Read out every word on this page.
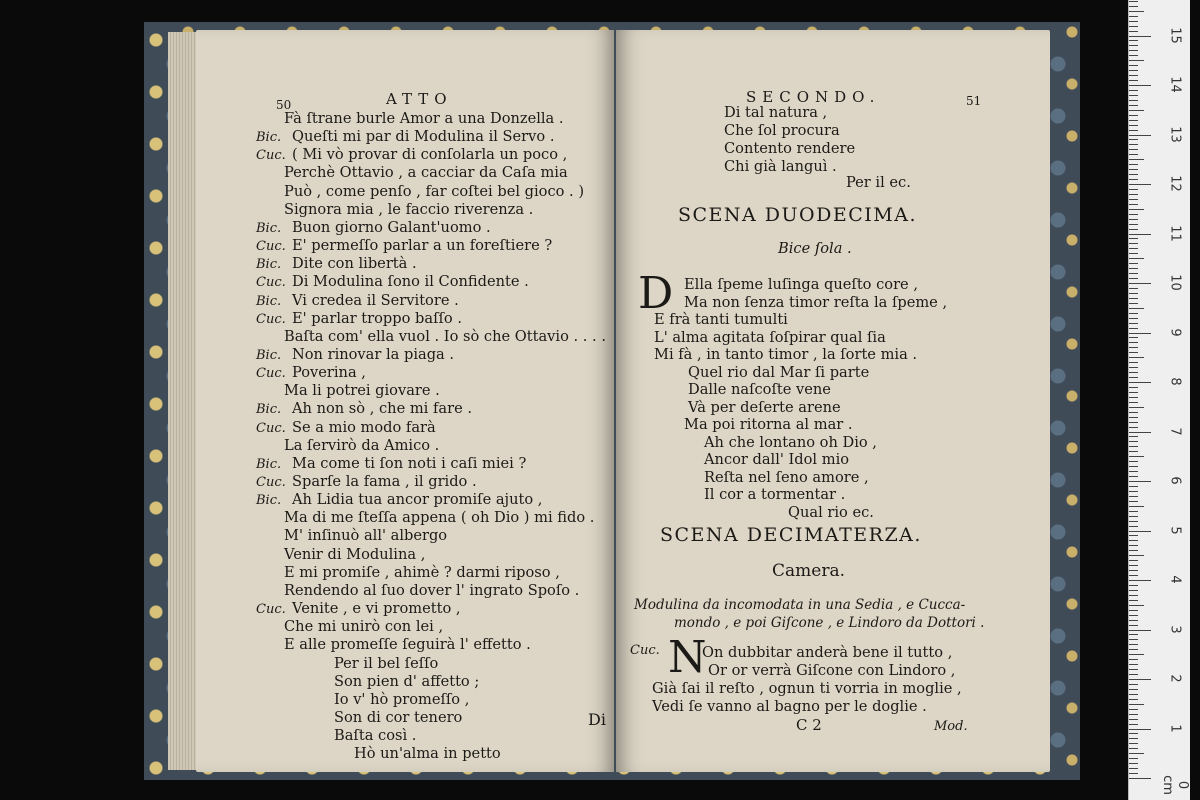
50	ATTO
Fà ſtrane burle Amor a una Donzella .
Bic. Queſti mi par di Modulina il Servo .
Cuc. ( Mi vò provar di conſolarla un poco ,
Perchè Ottavio , a cacciar da Caſa mia
Può , come penſo , far coſtei bel gioco . )
Signora mia , le faccio riverenza .
Bic. Buon giorno Galant'uomo .
Cuc. E' permeſſo parlar a un foreſtiere ?
Bic. Dite con libertà .
Cuc. Di Modulina ſono il Confidente .
Bic. Vi credea il Servitore .
Cuc. E' parlar troppo baſſo .
Baſta com' ella vuol . Io sò che Ottavio . . . .
Bic. Non rinovar la piaga .
Cuc. Poverina ,
Ma li potrei giovare .
Bic. Ah non sò , che mi fare .
Cuc. Se a mio modo farà
La ſervirò da Amico .
Bic. Ma come ti ſon noti i caſi miei ?
Cuc. Sparſe la fama , il grido .
Bic. Ah Lidia tua ancor promiſe ajuto ,
Ma di me ſteſſa appena ( oh Dio ) mi fido .
M' inſinuò all' albergo
Venir di Modulina ,
E mi promiſe , ahimè ? darmi riposo ,
Rendendo al ſuo dover l' ingrato Spoſo .
Cuc. Venite , e vi prometto ,
Che mi unirò con lei ,
E alle promeſſe ſeguirà l' effetto .
Per il bel ſeſſo
Son pien d' affetto ;
Io v' hò promeſſo ,
Son di cor tenero
Baſta così .
Hò un'alma in petto
Di
SECONDO.	51
Di tal natura ,
Che ſol procura
Contento rendere
Chi già languì .
Per il ec.
SCENA DUODECIMA.
Bice ſola .
D Ella ſpeme luſinga queſto core ,
Ma non ſenza timor reſta la ſpeme ,
E frà tanti tumulti
L' alma agitata ſoſpirar qual ſia
Mi fà , in tanto timor , la ſorte mia .
Quel rio dal Mar ſi parte
Dalle naſcoſte vene
Và per deſerte arene
Ma poi ritorna al mar .
Ah che lontano oh Dio ,
Ancor dall' Idol mio
Reſta nel ſeno amore ,
Il cor a tormentar .
Qual rio ec.
SCENA DECIMATERZA.
Camera.
Modulina da incomodata in una Sedia , e Cucca-
mondo , e poi Giſcone , e Lindoro da Dottori .
Cuc. N
On dubbitar anderà bene il tutto ,
Or or verrà Giſcone con Lindoro ,
Già ſai il reſto , ognun ti vorria in moglie ,
Vedi ſe vanno al bagno per le doglie .
C 2	Mod.
15
14
13
12
11
10
9
8
7
6
5
4
3
2
1
0 cm
